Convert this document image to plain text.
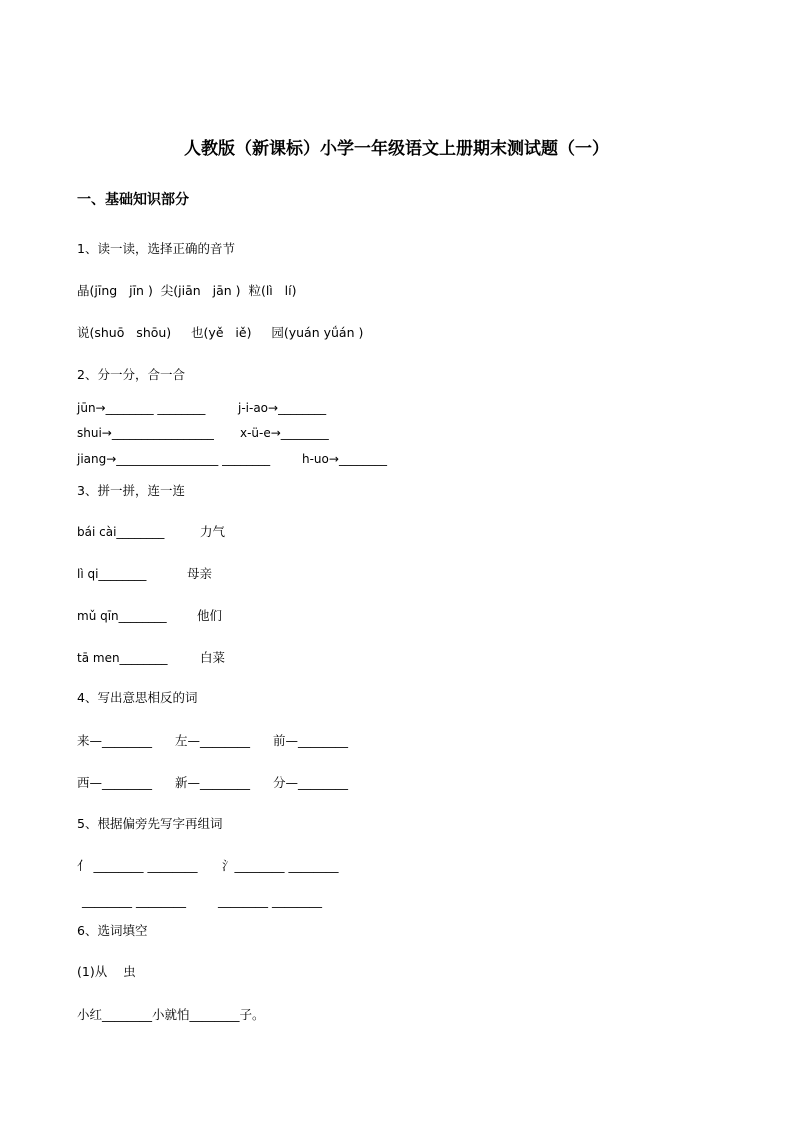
人教版（新课标）小学一年级语文上册期末测试题（一）
一、基础知识部分
1、读一读，选择正确的音节
晶(jīng   jīn )  尖(jiān   jān )  粒(lì   lí)
说(shuō   shōu)     也(yě   iě)     园(yuán yǘán )
2、分一分，合一合
jūn→________ ________	j-i-ao→________
shui→_________________ x-ü-e→________
jiang→_________________ ________	h-uo→________
3、拼一拼，连一连
bái cài________	力气
lì qi________	母亲
mǔ qīn________ 他们
tā men________	白菜
4、写出意思相反的词
来—________ 左—________ 前—________
西—________ 新—________ 分—________
5、根据偏旁先写字再组词
亻 ________ ________ 氵________ ________
________ ________	________ ________
6、选词填空
(1)从    虫
小红________小就怕________子。
